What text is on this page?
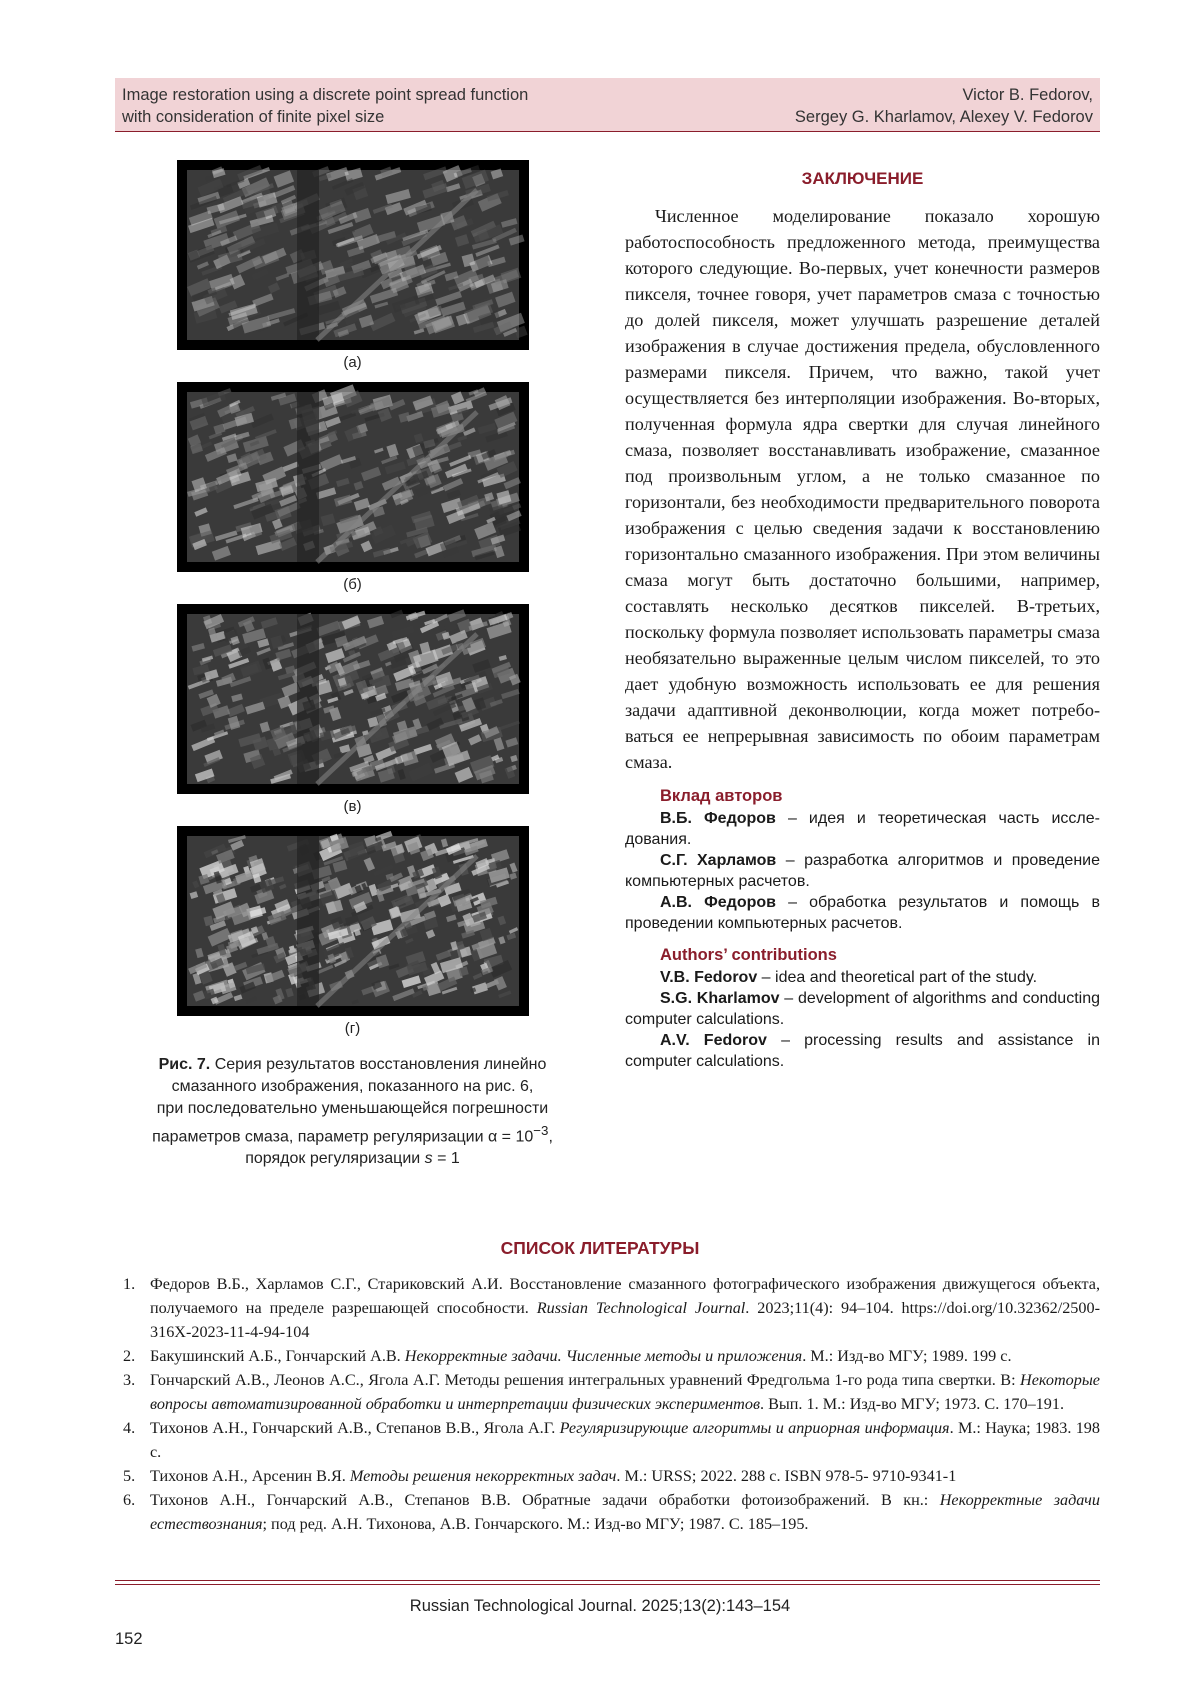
Image restoration using a discrete point spread function
with consideration of finite pixel size
Victor B. Fedorov,
Sergey G. Kharlamov, Alexey V. Fedorov
(а)
(б)
(в)
(г)
Рис. 7. Серия результатов восстановления линейно
смазанного изображения, показанного на рис. 6,
при последовательно уменьшающейся погрешности
параметров смаза, параметр регуляризации $\alpha = 10^{-3}$,
порядок регуляризации s = 1
ЗАКЛЮЧЕНИЕ

Численное моделирование показало хорошую работоспособность предложенного метода, преимущества которого следующие. Во-первых, учет конечности размеров пикселя, точнее говоря, учет параметров смаза с точностью до долей пикселя, может улучшать разрешение деталей изображения в случае достижения предела, обусловленного размерами пикселя. Причем, что важно, такой учет осуществляется без интерполяции изображения. Во-вторых, полученная формула ядра свертки для случая линейного смаза, позволяет восстанавливать изображение, смазанное под произвольным углом, а не только смазанное по горизонтали, без необходимости предварительного поворота изображения с целью сведения задачи к восстановлению горизонтально смазанного изображения. При этом величины смаза могут быть достаточно большими, например, составлять несколько десятков пикселей. В-третьих, поскольку формула позволяет использовать параметры смаза необязательно выраженные целым числом пикселей, то это дает удобную возможность использовать ее для решения задачи адаптивной деконволюции, когда может потребоваться ее непрерывная зависимость по обоим параметрам смаза.

Вклад авторов

В.Б. Федоров – идея и теоретическая часть исследования.

С.Г. Харламов – разработка алгоритмов и проведение компьютерных расчетов.

А.В. Федоров – обработка результатов и помощь в проведении компьютерных расчетов.

Authors’ contributions

V.B. Fedorov – idea and theoretical part of the study.

S.G. Kharlamov – development of algorithms and conducting computer calculations.

A.V. Fedorov – processing results and assistance in computer calculations.

СПИСОК ЛИТЕРАТУРЫ
1. Федоров В.Б., Харламов С.Г., Стариковский А.И. Восстановление смазанного фотографического изображения движущегося объекта, получаемого на пределе разрешающей способности. Russian Technological Journal. 2023;11(4): 94–104. https://doi.org/10.32362/2500-316X-2023-11-4-94-104
2. Бакушинский А.Б., Гончарский А.В. Некорректные задачи. Численные методы и приложения. М.: Изд-во МГУ; 1989. 199 с.
3. Гончарский А.В., Леонов А.С., Яголa А.Г. Методы решения интегральных уравнений Фредгольма 1-го рода типа свертки. В: Некоторые вопросы автоматизированной обработки и интерпретации физических экспериментов. Вып. 1. М.: Изд-во МГУ; 1973. С. 170–191.
4. Тихонов А.Н., Гончарский А.В., Степанов В.В., Ягола А.Г. Регуляризирующие алгоритмы и априорная информация. М.: Наука; 1983. 198 с.
5. Тихонов А.Н., Арсенин В.Я. Методы решения некорректных задач. М.: URSS; 2022. 288 с. ISBN 978-5- 9710-9341-1
6. Тихонов А.Н., Гончарский А.В., Степанов В.В. Обратные задачи обработки фотоизображений. В кн.: Некорректные задачи естествознания; под ред. А.Н. Тихонова, А.В. Гончарского. М.: Изд-во МГУ; 1987. С. 185–195.
Russian Technological Journal. 2025;13(2):143–154
152
